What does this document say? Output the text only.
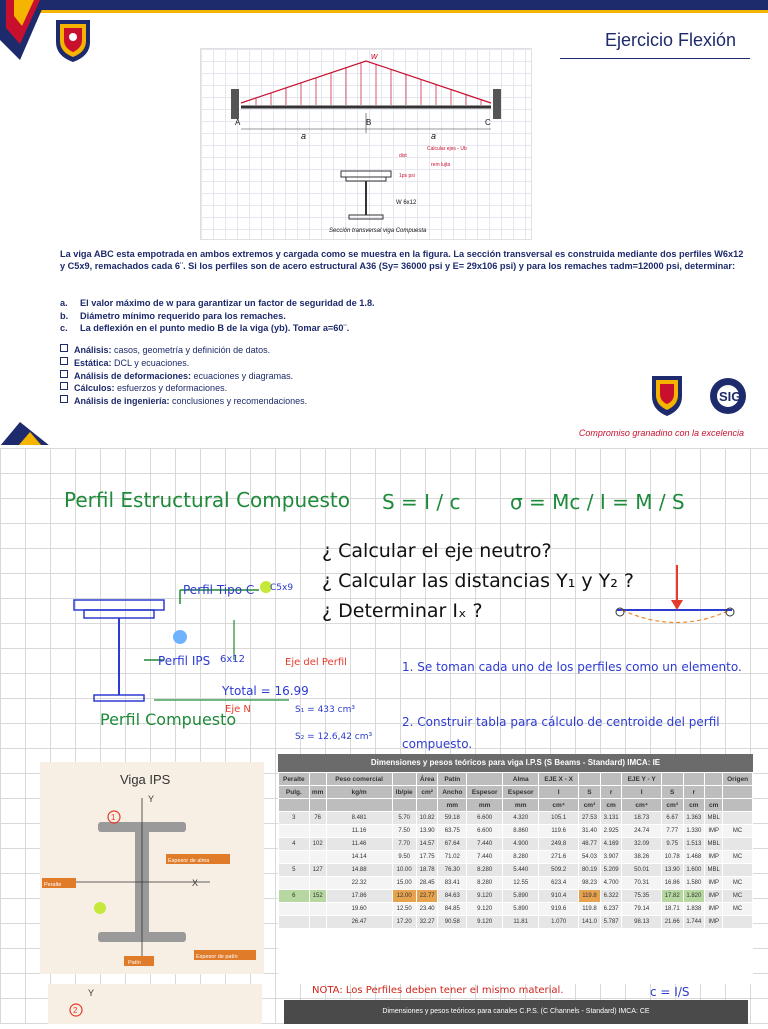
Ejercicio Flexión
w
A	B	C
a	a
Calcular ejes - Ub
dist
rem lujta
1ps psi
W 6x12
Sección transversal viga Compuesta
La viga ABC esta empotrada en ambos extremos y cargada como se muestra en la figura. La sección transversal es construida mediante dos perfiles W6x12 y C5x9, remachados cada 6¨. Si los perfiles son de acero estructural A36 (Sy= 36000 psi y E= 29x106 psi) y para los remaches τadm=12000 psi, determinar:
a. El valor máximo de w para garantizar un factor de seguridad de 1.8.
b. Diámetro mínimo requerido para los remaches.
c. La deflexión en el punto medio B de la viga (yb). Tomar a=60¨.
Análisis: casos, geometría y definición de datos.
Estática: DCL y ecuaciones.
Análisis de deformaciones: ecuaciones y diagramas.
Cálculos: esfuerzos y deformaciones.
Análisis de ingeniería: conclusiones y recomendaciones.	SIG
Compromiso granadino con la excelencia
Perfil Estructural Compuesto S = I / c σ = Mc / I = M / S
¿ Calcular el eje neutro?
¿ Calcular las distancias Y₁ y Y₂ ?
¿ Determinar Iₓ ?
Perfil Tipo C C5x9
Perfil IPS 6x12	Eje del Perfil
Ytotal = 16.99
Eje N
Perfil Compuesto	S₁ = 433 cm³
S₂ = 12.6,42 cm³
1. Se toman cada uno de los perfiles como un elemento.
2. Construir tabla para cálculo de centroide del perfil compuesto.
1
Y
X
Espesor de alma
Peralte
Espesor de patín
Patín
Viga IPS
Dimensiones y pesos teóricos para viga I.P.S (S Beams - Standard) IMCA: IE
Peralte		Peso comercial		Área	Patín		Alma	EJE X - X			EJE Y - Y				Origen
Pulg.	mm	kg/m	lb/pie	cm²	Ancho	Espesor	Espesor	I	S	r	I	S	r		
					mm	mm	mm	cm⁴	cm³	cm	cm⁴	cm³	cm	cm	
3	76	8.481	5.70	10.82	59.18	6.600	4.320	105.1	27.53	3.131	18.73	6.67	1.363	MBL	
		11.16	7.50	13.90	63.75	6.600	8.860	119.6	31.40	2.925	24.74	7.77	1.330	IMP	MC
4	102	11.46	7.70	14.57	67.64	7.440	4.900	249.8	48.77	4.169	32.09	9.75	1.513	MBL	
		14.14	9.50	17.75	71.02	7.440	8.280	271.6	54.03	3.907	38.26	10.78	1.468	IMP	MC
5	127	14.88	10.00	18.78	76.30	8.280	5.440	509.2	80.19	5.209	50.01	13.90	1.600	MBL	
		22.32	15.00	28.45	83.41	8.280	12.55	623.4	98.23	4.700	70.31	16.86	1.580	IMP	MC
6	152	17.86	12.00	22.77	84.63	9.120	5.890	910.4	119.8	6.322	75.35	17.82	1.820	IMP	MC
		19.60	12.50	23.40	84.85	9.120	5.890	919.6	119.8	6.237	79.14	18.71	1.838	IMP	MC
		26.47	17.20	32.27	90.58	9.120	11.81	1.070	141.0	5.787	98.13	21.66	1.744	IMP	
2
Y	NOTA: Los Perfiles deben tener el mismo material.	c = I/S
Dimensiones y pesos teóricos para canales C.P.S. (C Channels - Standard) IMCA: CE
